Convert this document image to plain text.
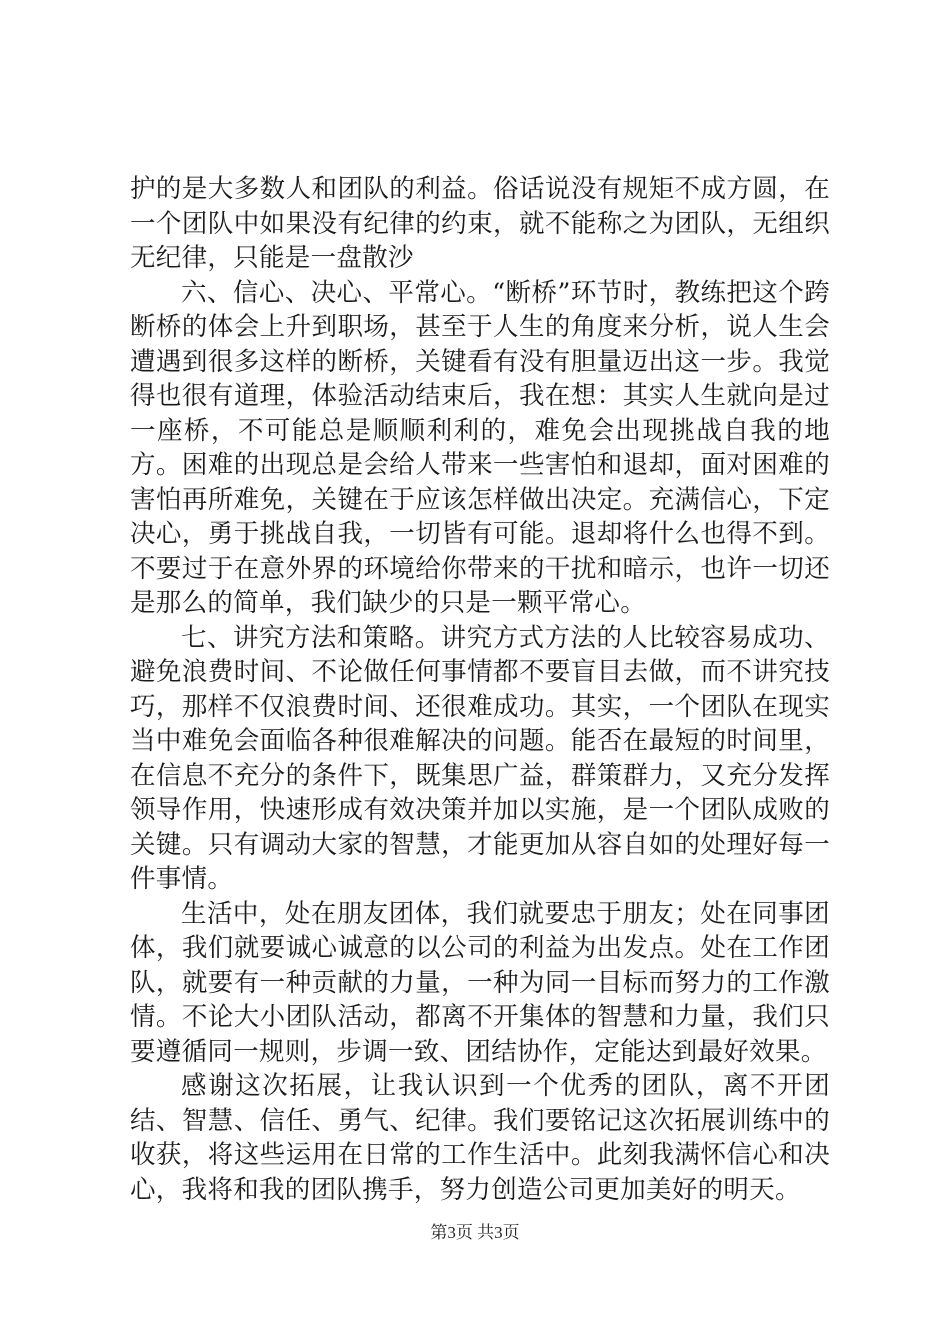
护的是大多数人和团队的利益。俗话说没有规矩不成方圆，在一个团队中如果没有纪律的约束，就不能称之为团队，无组织无纪律，只能是一盘散沙

六、信心、决心、平常心。“断桥”环节时，教练把这个跨断桥的体会上升到职场，甚至于人生的角度来分析，说人生会遭遇到很多这样的断桥，关键看有没有胆量迈出这一步。我觉得也很有道理，体验活动结束后，我在想：其实人生就向是过一座桥，不可能总是顺顺利利的，难免会出现挑战自我的地方。困难的出现总是会给人带来一些害怕和退却，面对困难的害怕再所难免，关键在于应该怎样做出决定。充满信心，下定决心，勇于挑战自我，一切皆有可能。退却将什么也得不到。不要过于在意外界的环境给你带来的干扰和暗示，也许一切还是那么的简单，我们缺少的只是一颗平常心。

七、讲究方法和策略。讲究方式方法的人比较容易成功、避免浪费时间、不论做任何事情都不要盲目去做，而不讲究技巧，那样不仅浪费时间、还很难成功。其实，一个团队在现实当中难免会面临各种很难解决的问题。能否在最短的时间里，在信息不充分的条件下，既集思广益，群策群力，又充分发挥领导作用，快速形成有效决策并加以实施，是一个团队成败的关键。只有调动大家的智慧，才能更加从容自如的处理好每一件事情。

生活中，处在朋友团体，我们就要忠于朋友；处在同事团体，我们就要诚心诚意的以公司的利益为出发点。处在工作团队，就要有一种贡献的力量，一种为同一目标而努力的工作激情。不论大小团队活动，都离不开集体的智慧和力量，我们只要遵循同一规则，步调一致、团结协作，定能达到最好效果。

感谢这次拓展，让我认识到一个优秀的团队，离不开团结、智慧、信任、勇气、纪律。我们要铭记这次拓展训练中的收获，将这些运用在日常的工作生活中。此刻我满怀信心和决心，我将和我的团队携手，努力创造公司更加美好的明天。

第3页 共3页
